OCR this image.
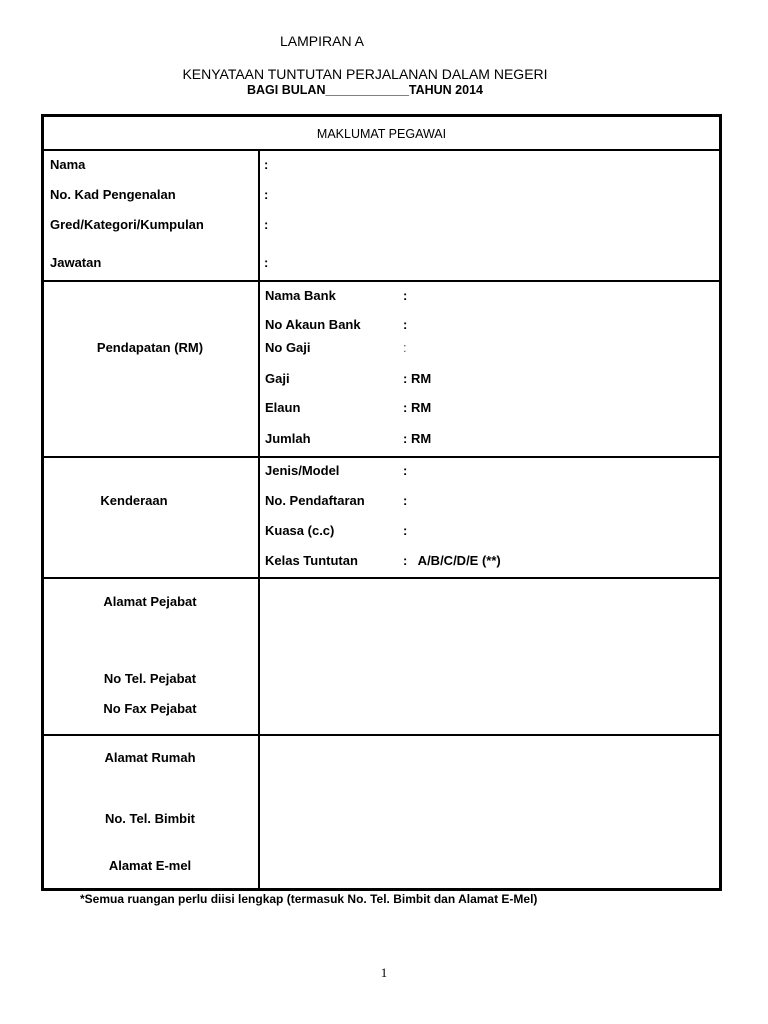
LAMPIRAN A
KENYATAAN TUNTUTAN PERJALANAN DALAM NEGERI
BAGI BULAN____________TAHUN 2014
MAKLUMAT PEGAWAI
Nama	:
No. Kad Pengenalan	:
Gred/Kategori/Kumpulan	:
Jawatan	:
Pendapatan (RM)
Nama Bank	:
No Akaun Bank	:
No Gaji	:
Gaji	: RM
Elaun	: RM
Jumlah	: RM
Kenderaan
Jenis/Model	:
No. Pendaftaran	:
Kuasa (c.c)	:
Kelas Tuntutan	:   A/B/C/D/E (**)
Alamat Pejabat
No Tel. Pejabat
No Fax Pejabat
Alamat Rumah
No. Tel. Bimbit
Alamat E-mel
*Semua ruangan perlu diisi lengkap (termasuk No. Tel. Bimbit dan Alamat E-Mel)
1
